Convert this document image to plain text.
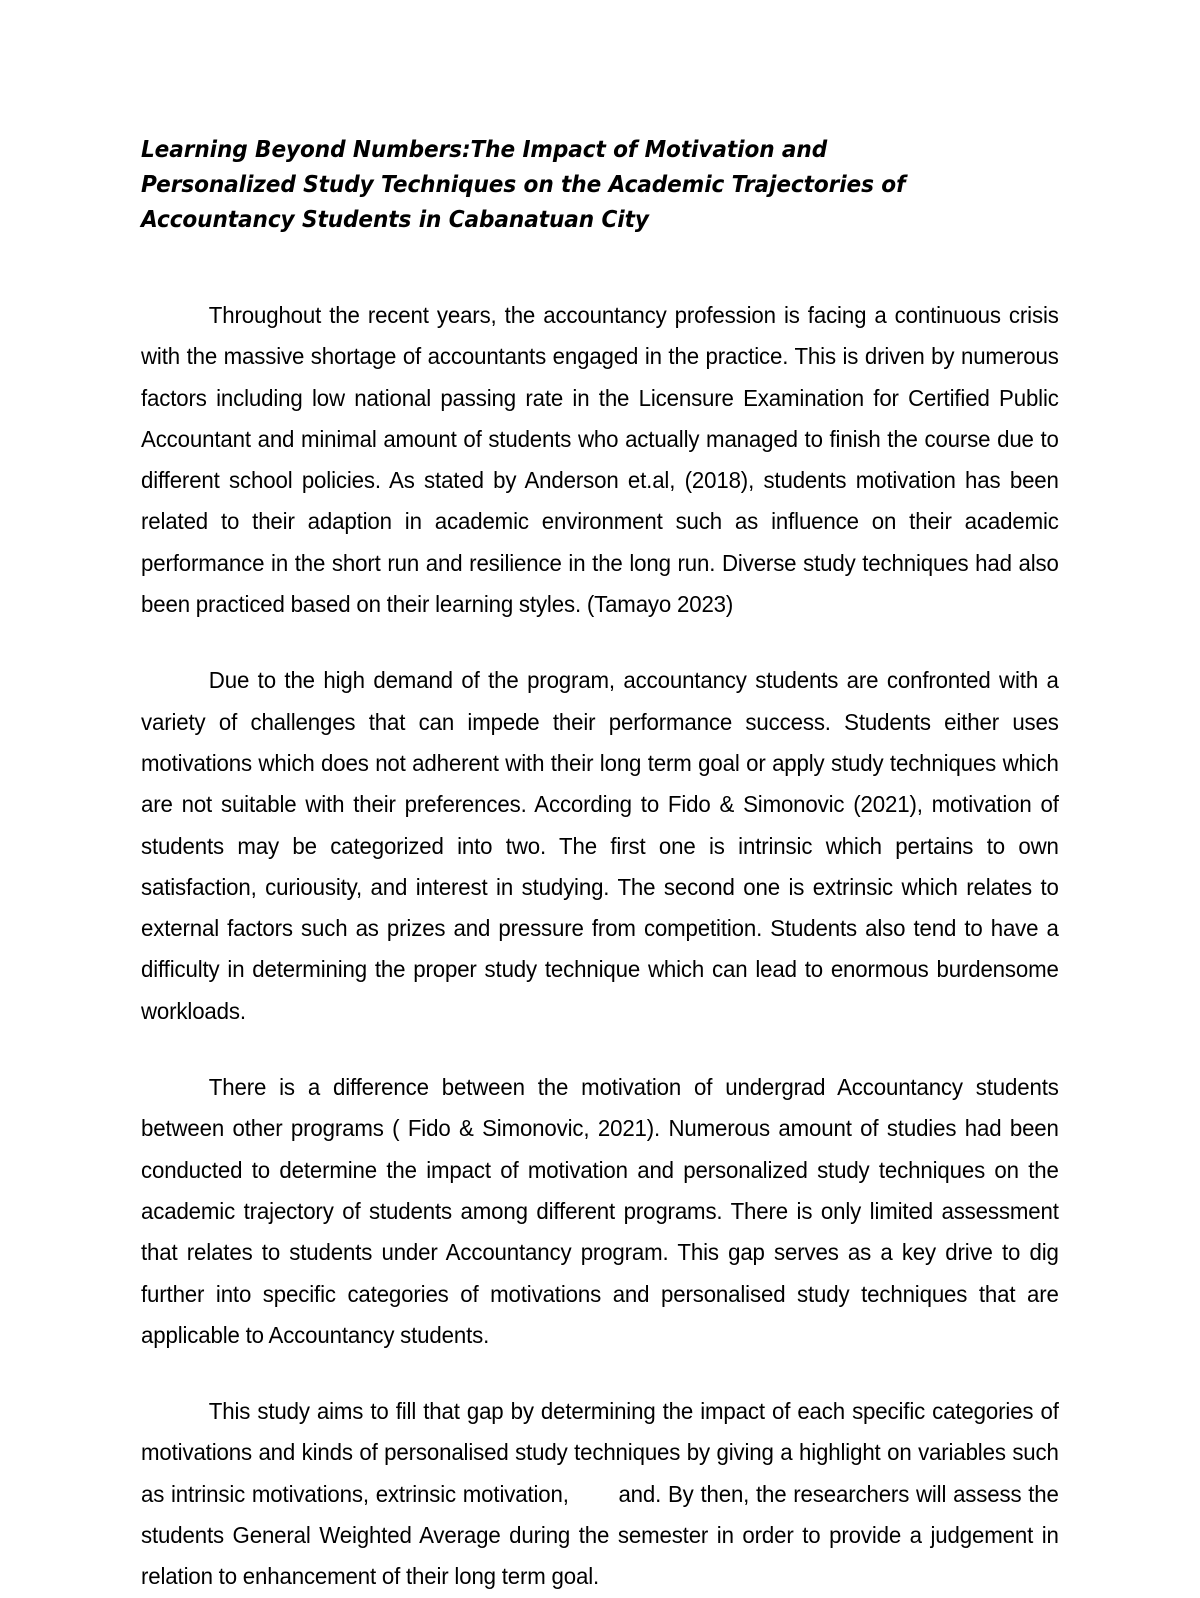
Learning Beyond Numbers:The Impact of Motivation and Personalized Study Techniques on the Academic Trajectories of Accountancy Students in Cabanatuan City

Throughout the recent years, the accountancy profession is facing a continuous crisis with the massive shortage of accountants engaged in the practice. This is driven by numerous factors including low national passing rate in the Licensure Examination for Certified Public Accountant and minimal amount of students who actually managed to finish the course due to different school policies. As stated by Anderson et.al, (2018), students motivation has been related to their adaption in academic environment such as influence on their academic performance in the short run and resilience in the long run. Diverse study techniques had also been practiced based on their learning styles. (Tamayo 2023)

Due to the high demand of the program, accountancy students are confronted with a variety of challenges that can impede their performance success. Students either uses motivations which does not adherent with their long term goal or apply study techniques which are not suitable with their preferences. According to Fido & Simonovic (2021), motivation of students may be categorized into two. The first one is intrinsic which pertains to own satisfaction, curiousity, and interest in studying. The second one is extrinsic which relates to external factors such as prizes and pressure from competition. Students also tend to have a difficulty in determining the proper study technique which can lead to enormous burdensome workloads.

There is a difference between the motivation of undergrad Accountancy students between other programs ( Fido & Simonovic, 2021). Numerous amount of studies had been conducted to determine the impact of motivation and personalized study techniques on the academic trajectory of students among different programs. There is only limited assessment that relates to students under Accountancy program. This gap serves as a key drive to dig further into specific categories of motivations and personalised study techniques that are applicable to Accountancy students.

This study aims to fill that gap by determining the impact of each specific categories of motivations and kinds of personalised study techniques by giving a highlight on variables such as intrinsic motivations, extrinsic motivation, and. By then, the researchers will assess the students General Weighted Average during the semester in order to provide a judgement in relation to enhancement of their long term goal.
